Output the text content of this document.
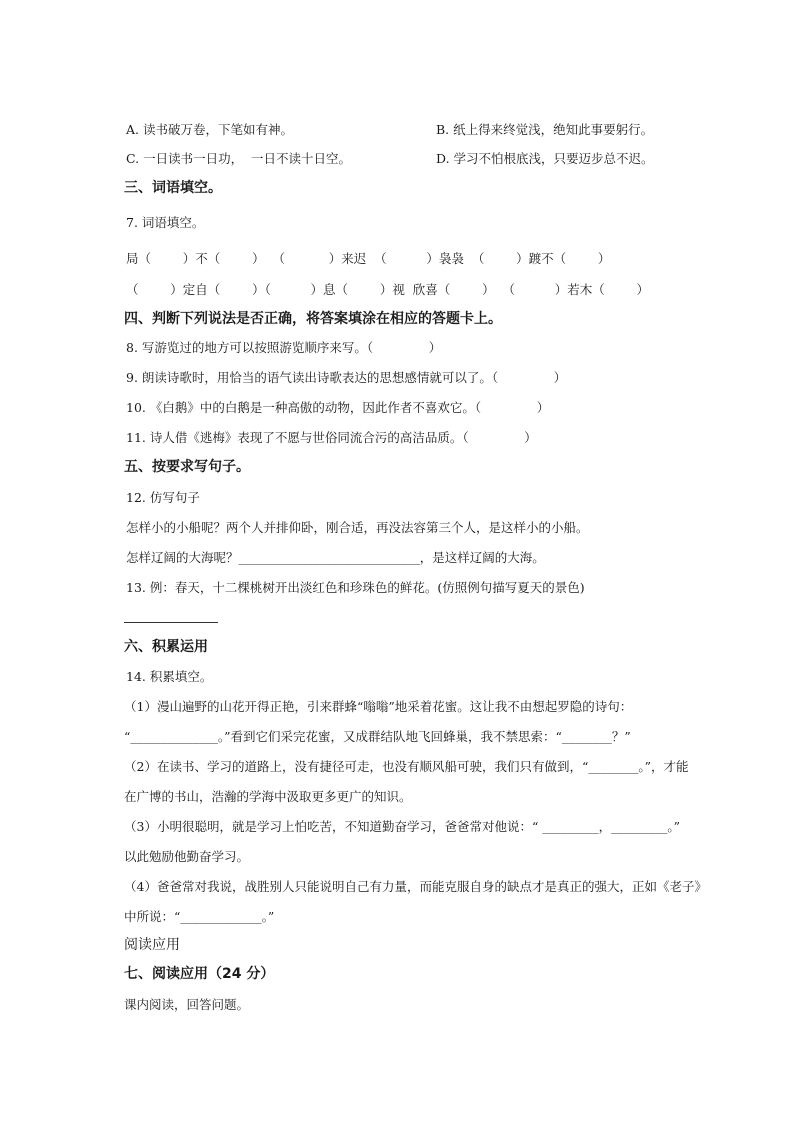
A. 读书破万卷，下笔如有神。	B. 纸上得来终觉浅，绝知此事要躬行。
C. 一日读书一日功，  一日不读十日空。	D. 学习不怕根底浅，只要迈步总不迟。
三、词语填空。
7. 词语填空。
局（        ）不（        ）  （           ）来迟  （          ）袅袅  （        ）踱不（        ）
（        ）定自（        ）（          ）息（        ）视  欣喜（        ）  （          ）若木（        ）
四、判断下列说法是否正确，将答案填涂在相应的答题卡上。
8. 写游览过的地方可以按照游览顺序来写。（              ）
9. 朗读诗歌时，用恰当的语气读出诗歌表达的思想感情就可以了。（              ）
10. 《白鹅》中的白鹅是一种高傲的动物，因此作者不喜欢它。（              ）
11. 诗人借《逃梅》表现了不愿与世俗同流合污的高洁品质。（              ）
五、按要求写句子。
12. 仿写句子
怎样小的小船呢？两个人并排仰卧，刚合适，再没法容第三个人，是这样小的小船。
怎样辽阔的大海呢？_____________________________，是这样辽阔的大海。
13. 例：春天，十二棵桃树开出淡红色和珍珠色的鲜花。(仿照例句描写夏天的景色)
六、积累运用
14. 积累填空。
（1）漫山遍野的山花开得正艳，引来群蜂“嗡嗡”地采着花蜜。这让我不由想起罗隐的诗句：
“______________。”看到它们采完花蜜，又成群结队地飞回蜂巢，我不禁思索：“________？”
（2）在读书、学习的道路上，没有捷径可走，也没有顺风船可驶，我们只有做到，“________。”，才能
在广博的书山，浩瀚的学海中汲取更多更广的知识。
（3）小明很聪明，就是学习上怕吃苦，不知道勤奋学习，爸爸常对他说：“ _________，_________。”
以此勉励他勤奋学习。
（4）爸爸常对我说，战胜别人只能说明自己有力量，而能克服自身的缺点才是真正的强大，正如《老子》
中所说：“_____________。”
阅读应用
七、阅读应用（24 分）
课内阅读，回答问题。
